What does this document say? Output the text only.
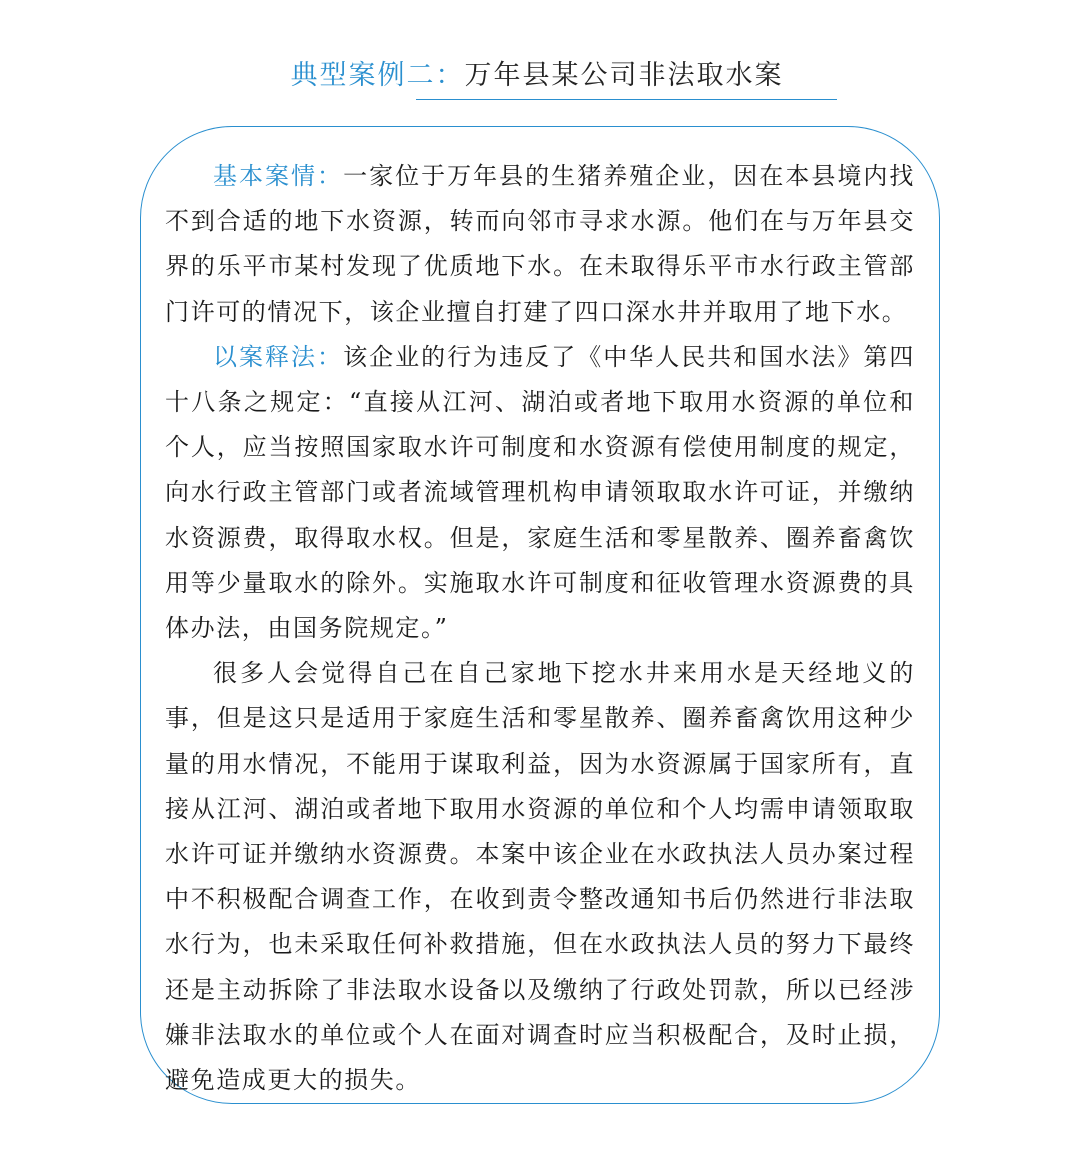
典型案例二：万年县某公司非法取水案

基本案情：一家位于万年县的生猪养殖企业，因在本县境内找不到合适的地下水资源，转而向邻市寻求水源。他们在与万年县交界的乐平市某村发现了优质地下水。在未取得乐平市水行政主管部门许可的情况下，该企业擅自打建了四口深水井并取用了地下水。

以案释法：该企业的行为违反了《中华人民共和国水法》第四十八条之规定：“直接从江河、湖泊或者地下取用水资源的单位和个人，应当按照国家取水许可制度和水资源有偿使用制度的规定，向水行政主管部门或者流域管理机构申请领取取水许可证，并缴纳水资源费，取得取水权。但是，家庭生活和零星散养、圈养畜禽饮用等少量取水的除外。实施取水许可制度和征收管理水资源费的具体办法，由国务院规定。”

很多人会觉得自己在自己家地下挖水井来用水是天经地义的事，但是这只是适用于家庭生活和零星散养、圈养畜禽饮用这种少量的用水情况，不能用于谋取利益，因为水资源属于国家所有，直接从江河、湖泊或者地下取用水资源的单位和个人均需申请领取取水许可证并缴纳水资源费。本案中该企业在水政执法人员办案过程中不积极配合调查工作，在收到责令整改通知书后仍然进行非法取水行为，也未采取任何补救措施，但在水政执法人员的努力下最终还是主动拆除了非法取水设备以及缴纳了行政处罚款，所以已经涉嫌非法取水的单位或个人在面对调查时应当积极配合，及时止损，避免造成更大的损失。
